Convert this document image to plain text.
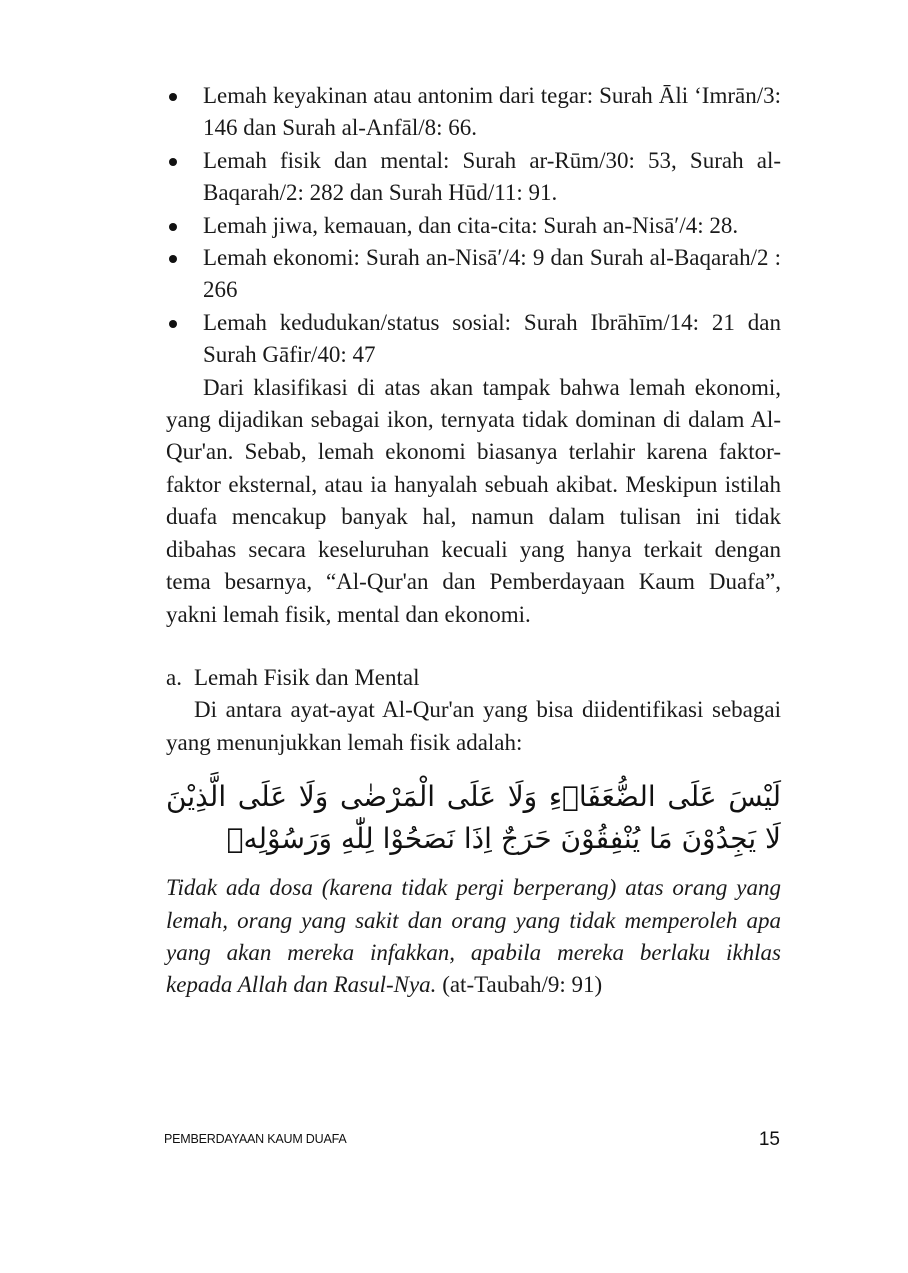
Lemah keyakinan atau antonim dari tegar: Surah Āli ‘Imrān/3: 146 dan Surah al-Anfāl/8: 66.
Lemah fisik dan mental: Surah ar-Rūm/30: 53, Surah al-Baqarah/2: 282 dan Surah Hūd/11: 91.
Lemah jiwa, kemauan, dan cita-cita: Surah an-Nisā′/4: 28.
Lemah ekonomi: Surah an-Nisā′/4: 9 dan Surah al-Baqarah/2 : 266
Lemah kedudukan/status sosial: Surah Ibrāhīm/14: 21 dan Surah Gāfir/40: 47

Dari klasifikasi di atas akan tampak bahwa lemah ekonomi, yang dijadikan sebagai ikon, ternyata tidak dominan di dalam Al-Qur'an. Sebab, lemah ekonomi biasanya terlahir karena faktor-faktor eksternal, atau ia hanyalah sebuah akibat. Meskipun istilah duafa mencakup banyak hal, namun dalam tulisan ini tidak dibahas secara keseluruhan kecuali yang hanya terkait dengan tema besarnya, “Al-Qur'an dan Pemberdayaan Kaum Duafa”, yakni lemah fisik, mental dan ekonomi.

a. Lemah Fisik dan Mental

Di antara ayat-ayat Al-Qur'an yang bisa diidentifikasi sebagai yang menunjukkan lemah fisik adalah:

لَيْسَ عَلَى الضُّعَفَاۤءِ وَلَا عَلَى الْمَرْضٰى وَلَا عَلَى الَّذِيْنَ لَا يَجِدُوْنَ مَا يُنْفِقُوْنَ حَرَجٌ اِذَا نَصَحُوْا لِلّٰهِ وَرَسُوْلِهٖ
Tidak ada dosa (karena tidak pergi berperang) atas orang yang lemah, orang yang sakit dan orang yang tidak memperoleh apa yang akan mereka infakkan, apabila mereka berlaku ikhlas kepada Allah dan Rasul-Nya. (at-Taubah/9: 91)
PEMBERDAYAAN KAUM DUAFA	15
